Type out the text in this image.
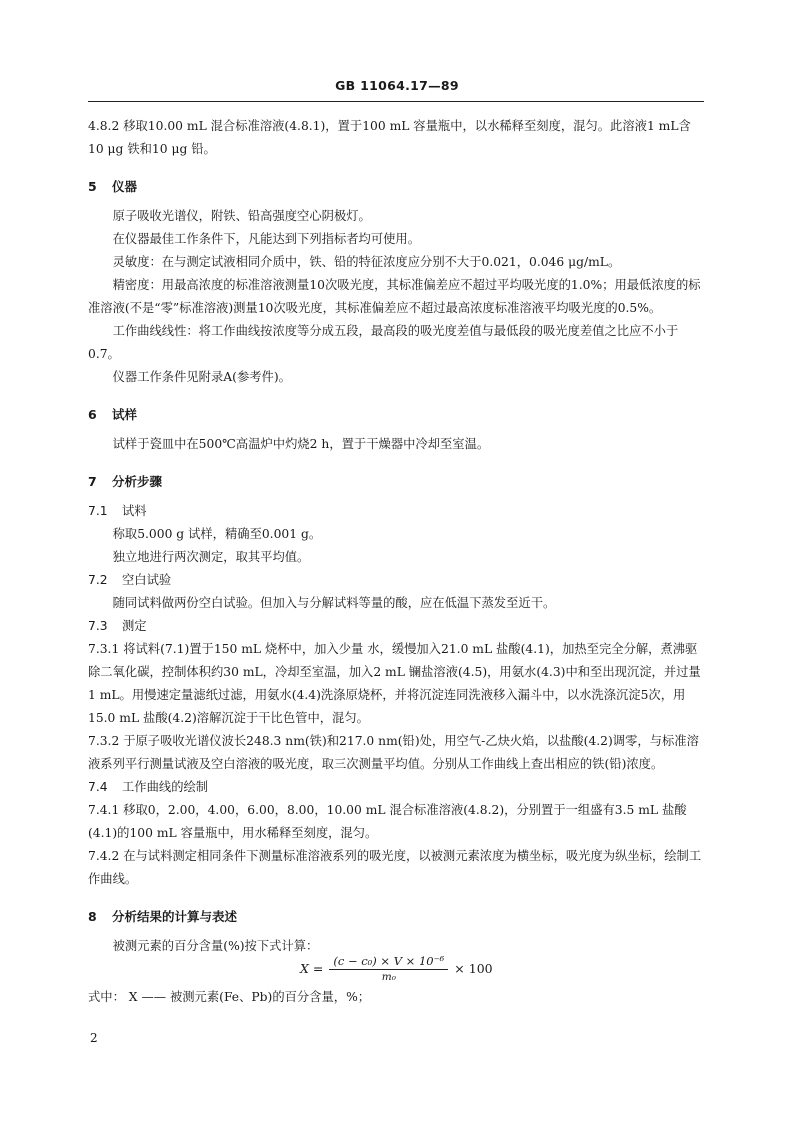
GB 11064.17—89

4.8.2 移取10.00 mL 混合标准溶液(4.8.1)，置于100 mL 容量瓶中，以水稀释至刻度，混匀。此溶液1 mL含10 μg 铁和10 μg 铅。

5 仪器

原子吸收光谱仪，附铁、铅高强度空心阴极灯。

在仪器最佳工作条件下，凡能达到下列指标者均可使用。

灵敏度：在与测定试液相同介质中，铁、铅的特征浓度应分别不大于0.021，0.046 μg/mL。

精密度：用最高浓度的标准溶液测量10次吸光度，其标准偏差应不超过平均吸光度的1.0%；用最低浓度的标准溶液(不是“零”标准溶液)测量10次吸光度，其标准偏差应不超过最高浓度标准溶液平均吸光度的0.5%。

工作曲线线性：将工作曲线按浓度等分成五段，最高段的吸光度差值与最低段的吸光度差值之比应不小于0.7。

仪器工作条件见附录A(参考件)。

6 试样

试样于瓷皿中在500℃高温炉中灼烧2 h，置于干燥器中冷却至室温。

7 分析步骤

7.1 试料

称取5.000 g 试样，精确至0.001 g。

独立地进行两次测定，取其平均值。

7.2 空白试验

随同试料做两份空白试验。但加入与分解试料等量的酸，应在低温下蒸发至近干。

7.3 测定

7.3.1 将试料(7.1)置于150 mL 烧杯中，加入少量 水，缓慢加入21.0 mL 盐酸(4.1)，加热至完全分解，煮沸驱除二氧化碳，控制体积约30 mL，冷却至室温，加入2 mL 镧盐溶液(4.5)，用氨水(4.3)中和至出现沉淀，并过量1 mL。用慢速定量滤纸过滤，用氨水(4.4)洗涤原烧杯，并将沉淀连同洗液移入漏斗中，以水洗涤沉淀5次，用15.0 mL 盐酸(4.2)溶解沉淀于干比色管中，混匀。

7.3.2 于原子吸收光谱仪波长248.3 nm(铁)和217.0 nm(铅)处，用空气-乙炔火焰，以盐酸(4.2)调零，与标准溶液系列平行测量试液及空白溶液的吸光度，取三次测量平均值。分别从工作曲线上查出相应的铁(铅)浓度。

7.4 工作曲线的绘制

7.4.1 移取0，2.00，4.00，6.00，8.00，10.00 mL 混合标准溶液(4.8.2)，分别置于一组盛有3.5 mL 盐酸(4.1)的100 mL 容量瓶中，用水稀释至刻度，混匀。

7.4.2 在与试料测定相同条件下测量标准溶液系列的吸光度，以被测元素浓度为横坐标，吸光度为纵坐标，绘制工作曲线。

8 分析结果的计算与表述

被测元素的百分含量(%)按下式计算：

$X = \frac{\text{(c − c₀) × V × 10⁻⁶}}{\text{m₀}} \times 100$
式中： X —— 被测元素(Fe、Pb)的百分含量，%；
2
